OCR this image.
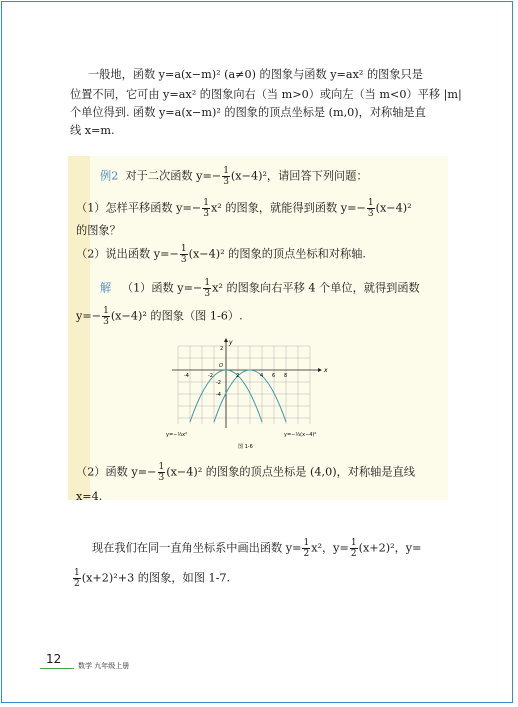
一般地，函数 y=a(x−m)² (a≠0) 的图象与函数 y=ax² 的图象只是
位置不同，它可由 y=ax² 的图象向右（当 m>0）或向左（当 m<0）平移 |m|
个单位得到. 函数 y=a(x−m)² 的图象的顶点坐标是 (m,0)，对称轴是直
线 x=m.
例2 对于二次函数 $y=- \frac{1}{3} (x-4)^2$，请回答下列问题：
（1）怎样平移函数 $y=- \frac{1}{3} x^2$ 的图象，就能得到函数 $y=- \frac{1}{3} (x-4)^2$
的图象？
（2）说出函数 $y=- \frac{1}{3} (x-4)^2$ 的图象的顶点坐标和对称轴.
解 （1）函数 $y=- \frac{1}{3} x^2$ 的图象向右平移 4 个单位，就得到函数
$y=- \frac{1}{3} (x-4)^2$ 的图象（图 1-6）.
x
y
O
-4	-2	2	4 6 8
2
-2
-4
y=−⅓x²	y=−⅓(x−4)²
图 1-6
（2）函数 $y=- \frac{1}{3} (x-4)^2$ 的图象的顶点坐标是 (4,0)，对称轴是直线
x=4.
现在我们在同一直角坐标系中画出函数 $y= \frac{1}{2} x^2$，$y= \frac{1}{2} (x+2)^2$，y=
$\frac{1}{2} (x+2)^2+3$ 的图象，如图 1-7.
12 数学 九年级上册
